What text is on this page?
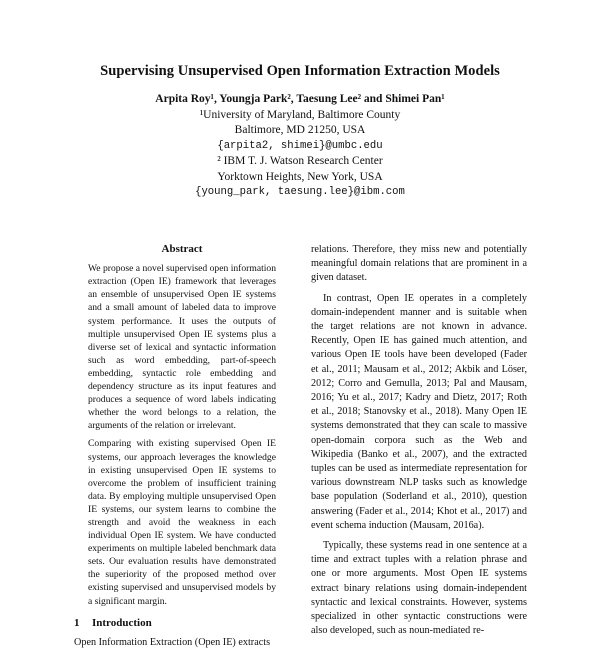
Supervising Unsupervised Open Information Extraction Models
Arpita Roy¹, Youngja Park², Taesung Lee² and Shimei Pan¹
¹University of Maryland, Baltimore County
Baltimore, MD 21250, USA
{arpita2, shimei}@umbc.edu
² IBM T. J. Watson Research Center
Yorktown Heights, New York, USA
{young_park, taesung.lee}@ibm.com
Abstract

We propose a novel supervised open information extraction (Open IE) framework that leverages an ensemble of unsupervised Open IE systems and a small amount of labeled data to improve system performance. It uses the outputs of multiple unsupervised Open IE systems plus a diverse set of lexical and syntactic information such as word embedding, part-of-speech embedding, syntactic role embedding and dependency structure as its input features and produces a sequence of word labels indicating whether the word belongs to a relation, the arguments of the relation or irrelevant.

Comparing with existing supervised Open IE systems, our approach leverages the knowledge in existing unsupervised Open IE systems to overcome the problem of insufficient training data. By employing multiple unsupervised Open IE systems, our system learns to combine the strength and avoid the weakness in each individual Open IE system. We have conducted experiments on multiple labeled benchmark data sets. Our evaluation results have demonstrated the superiority of the proposed method over existing supervised and unsupervised models by a significant margin.

1 Introduction

Open Information Extraction (Open IE) extracts

relations. Therefore, they miss new and potentially meaningful domain relations that are prominent in a given dataset.

In contrast, Open IE operates in a completely domain-independent manner and is suitable when the target relations are not known in advance. Recently, Open IE has gained much attention, and various Open IE tools have been developed (Fader et al., 2011; Mausam et al., 2012; Akbik and Löser, 2012; Corro and Gemulla, 2013; Pal and Mausam, 2016; Yu et al., 2017; Kadry and Dietz, 2017; Roth et al., 2018; Stanovsky et al., 2018). Many Open IE systems demonstrated that they can scale to massive open-domain corpora such as the Web and Wikipedia (Banko et al., 2007), and the extracted tuples can be used as intermediate representation for various downstream NLP tasks such as knowledge base population (Soderland et al., 2010), question answering (Fader et al., 2014; Khot et al., 2017) and event schema induction (Mausam, 2016a).

Typically, these systems read in one sentence at a time and extract tuples with a relation phrase and one or more arguments. Most Open IE systems extract binary relations using domain-independent syntactic and lexical constraints. However, systems specialized in other syntactic constructions were also developed, such as noun-mediated re-
